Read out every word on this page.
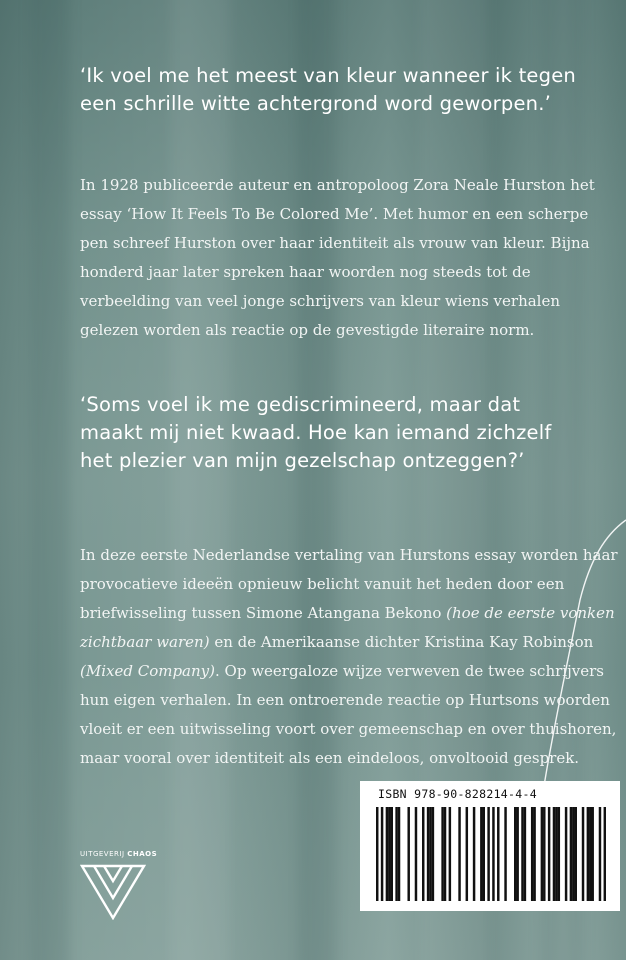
‘Ik voel me het meest van kleur wanneer ik tegen een schrille witte achtergrond word geworpen.’

In 1928 publiceerde auteur en antropoloog Zora Neale Hurston het essay ‘How It Feels To Be Colored Me’. Met humor en een scherpe pen schreef Hurston over haar identiteit als vrouw van kleur. Bijna honderd jaar later spreken haar woorden nog steeds tot de verbeelding van veel jonge schrijvers van kleur wiens verhalen gelezen worden als reactie op de gevestigde literaire norm.

‘Soms voel ik me gediscrimineerd, maar dat maakt mij niet kwaad. Hoe kan iemand zichzelf het plezier van mijn gezelschap ontzeggen?’

In deze eerste Nederlandse vertaling van Hurstons essay worden haar provocatieve ideeën opnieuw belicht vanuit het heden door een briefwisseling tussen Simone Atangana Bekono (hoe de eerste vonken zichtbaar waren) en de Amerikaanse dichter Kristina Kay Robinson (Mixed Company). Op weergaloze wijze verweven de twee schrijvers hun eigen verhalen. In een ontroerende reactie op Hurtsons woorden vloeit er een uitwisseling voort over gemeenschap en over thuishoren, maar vooral over identiteit als een eindeloos, onvoltooid gesprek.

ISBN 978-90-828214-4-4

UITGEVERIJ CHAOS
